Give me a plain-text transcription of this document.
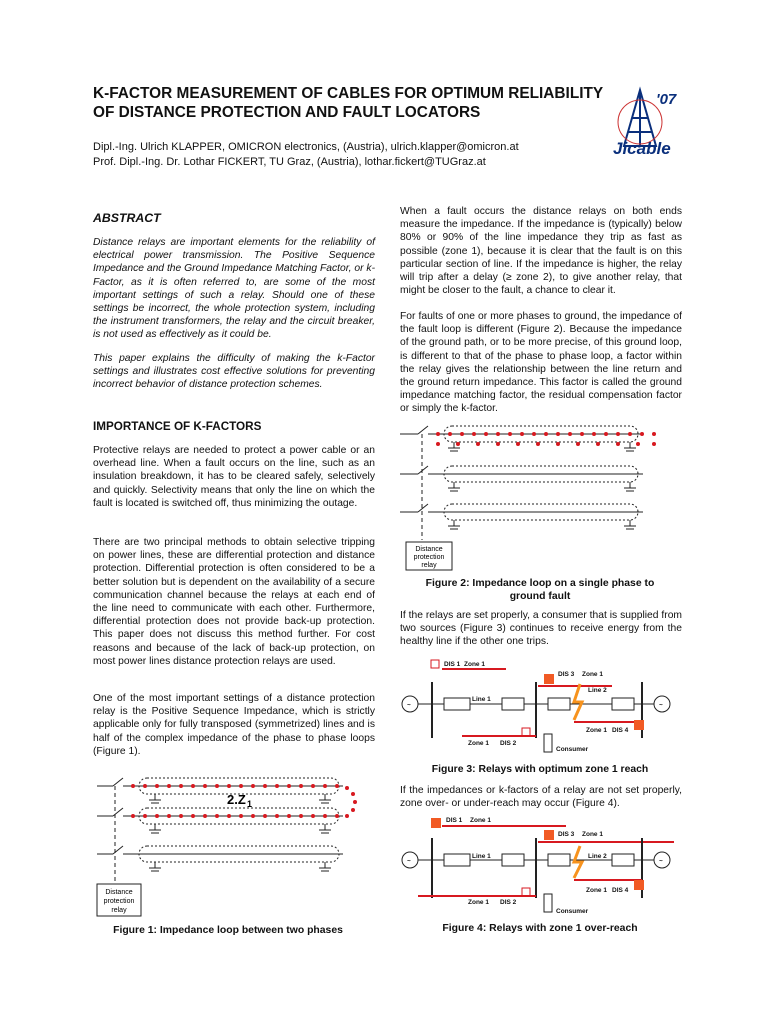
K-FACTOR MEASUREMENT OF CABLES FOR OPTIMUM RELIABILITY OF DISTANCE PROTECTION AND FAULT LOCATORS
'07
Jicable
Dipl.-Ing. Ulrich KLAPPER, OMICRON electronics, (Austria), ulrich.klapper@omicron.at
Prof. Dipl.-Ing. Dr. Lothar FICKERT, TU Graz, (Austria), lothar.fickert@TUGraz.at
ABSTRACT

Distance relays are important elements for the reliability of electrical power transmission. The Positive Sequence Impedance and the Ground Impedance Matching Factor, or k-Factor, as it is often referred to, are some of the most important settings of such a relay. Should one of these settings be incorrect, the whole protection system, including the instrument transformers, the relay and the circuit breaker, is not used as effectively as it could be.

This paper explains the difficulty of making the k-Factor settings and illustrates cost effective solutions for preventing incorrect behavior of distance protection schemes.

IMPORTANCE OF K-FACTORS

Protective relays are needed to protect a power cable or an overhead line. When a fault occurs on the line, such as an insulation breakdown, it has to be cleared safely, selectively and quickly. Selectivity means that only the line on which the fault is located is switched off, thus minimizing the outage.

There are two principal methods to obtain selective tripping on power lines, these are differential protection and distance protection. Differential protection is often considered to be a better solution but is dependent on the availability of a secure communication channel because the relays at each end of the line need to communicate with each other. Furthermore, differential protection does not provide back-up protection. This paper does not discuss this method further. For cost reasons and because of the lack of back-up protection, on most power lines distance protection relays are used.

One of the most important settings of a distance protection relay is the Positive Sequence Impedance, which is strictly applicable only for fully transposed (symmetrized) lines and is half of the complex impedance of the phase to phase loops (Figure 1).

2.Z 1
Distance
protection
relay
Figure 1: Impedance loop between two phases

When a fault occurs the distance relays on both ends measure the impedance. If the impedance is (typically) below 80% or 90% of the line impedance they trip as fast as possible (zone 1), because it is clear that the fault is on this particular section of line. If the impedance is higher, the relay will trip after a delay (≥ zone 2), to give another relay, that might be closer to the fault, a chance to clear it.

For faults of one or more phases to ground, the impedance of the fault loop is different (Figure 2). Because the impedance of the ground path, or to be more precise, of this ground loop, is different to that of the phase to phase loop, a factor within the relay gives the relationship between the line return and the ground return impedance. This factor is called the ground impedance matching factor, the residual compensation factor or simply the k-factor.

Distance
protection
relay
Figure 2: Impedance loop on a single phase to
ground fault

If the relays are set properly, a consumer that is supplied from two sources (Figure 3) continues to receive energy from the healthy line if the other one trips.

DIS 1 Zone 1
DIS 3 Zone 1
~	~
Line 1
Line 2
Zone 1 DIS 2
Zone 1 DIS 4
Consumer
Figure 3: Relays with optimum zone 1 reach

If the impedances or k-factors of a relay are not set properly, zone over- or under-reach may occur (Figure 4).

DIS 1 Zone 1
DIS 3 Zone 1
~	~
Line 1	Line 2
Zone 1 DIS 2
Zone 1 DIS 4
Consumer
Figure 4: Relays with zone 1 over-reach
